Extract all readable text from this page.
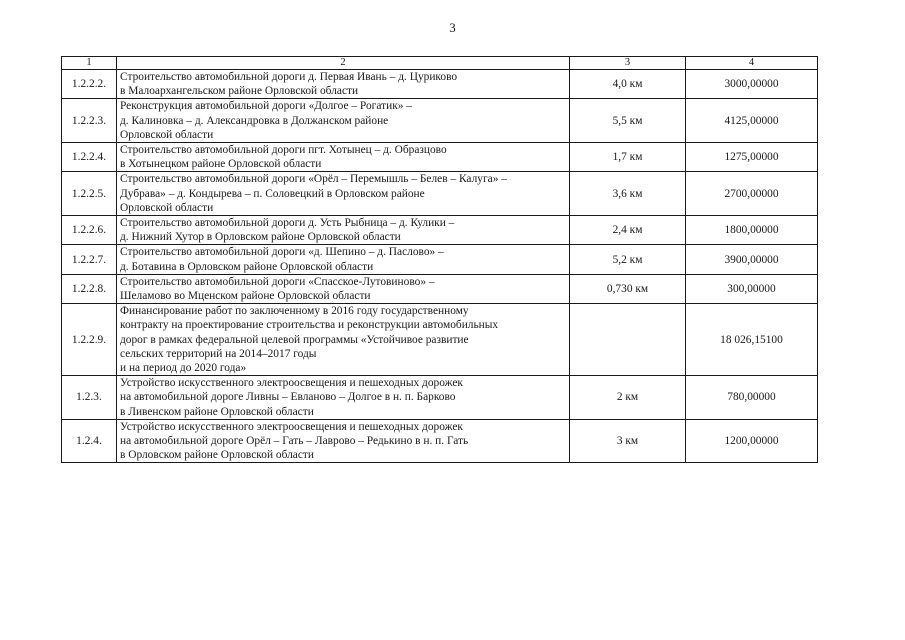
3
1	2	3	4
1.2.2.2.	Строительство автомобильной дороги д. Первая Ивань – д. Цуриково
в Малоархангельском районе Орловской области	4,0 км	3000,00000
1.2.2.3.	Реконструкция автомобильной дороги «Долгое – Рогатик» –
д. Калиновка – д. Александровка в Должанском районе
Орловской области	5,5 км	4125,00000
1.2.2.4.	Строительство автомобильной дороги пгт. Хотынец – д. Образцово
в Хотынецком районе Орловской области	1,7 км	1275,00000
1.2.2.5.	Строительство автомобильной дороги «Орёл – Перемышль – Белев – Калуга» –
Дубрава» – д. Кондырева – п. Соловецкий в Орловском районе
Орловской области	3,6 км	2700,00000
1.2.2.6.	Строительство автомобильной дороги д. Усть Рыбница – д. Кулики –
д. Нижний Хутор в Орловском районе Орловской области	2,4 км	1800,00000
1.2.2.7.	Строительство автомобильной дороги «д. Шепино – д. Паслово» –
д. Ботавина в Орловском районе Орловской области	5,2 км	3900,00000
1.2.2.8.	Строительство автомобильной дороги «Спасское-Лутовиново» –
Шеламово во Мценском районе Орловской области	0,730 км	300,00000
1.2.2.9.	Финансирование работ по заключенному в 2016 году государственному
контракту на проектирование строительства и реконструкции автомобильных
дорог в рамках федеральной целевой программы «Устойчивое развитие
сельских территорий на 2014–2017 годы
и на период до 2020 года»		18 026,15100
1.2.3.	Устройство искусственного электроосвещения и пешеходных дорожек
на автомобильной дороге Ливны – Евланово – Долгое в н. п. Барково
в Ливенском районе Орловской области	2 км	780,00000
1.2.4.	Устройство искусственного электроосвещения и пешеходных дорожек
на автомобильной дороге Орёл – Гать – Лаврово – Редькино в н. п. Гать
в Орловском районе Орловской области	3 км	1200,00000
